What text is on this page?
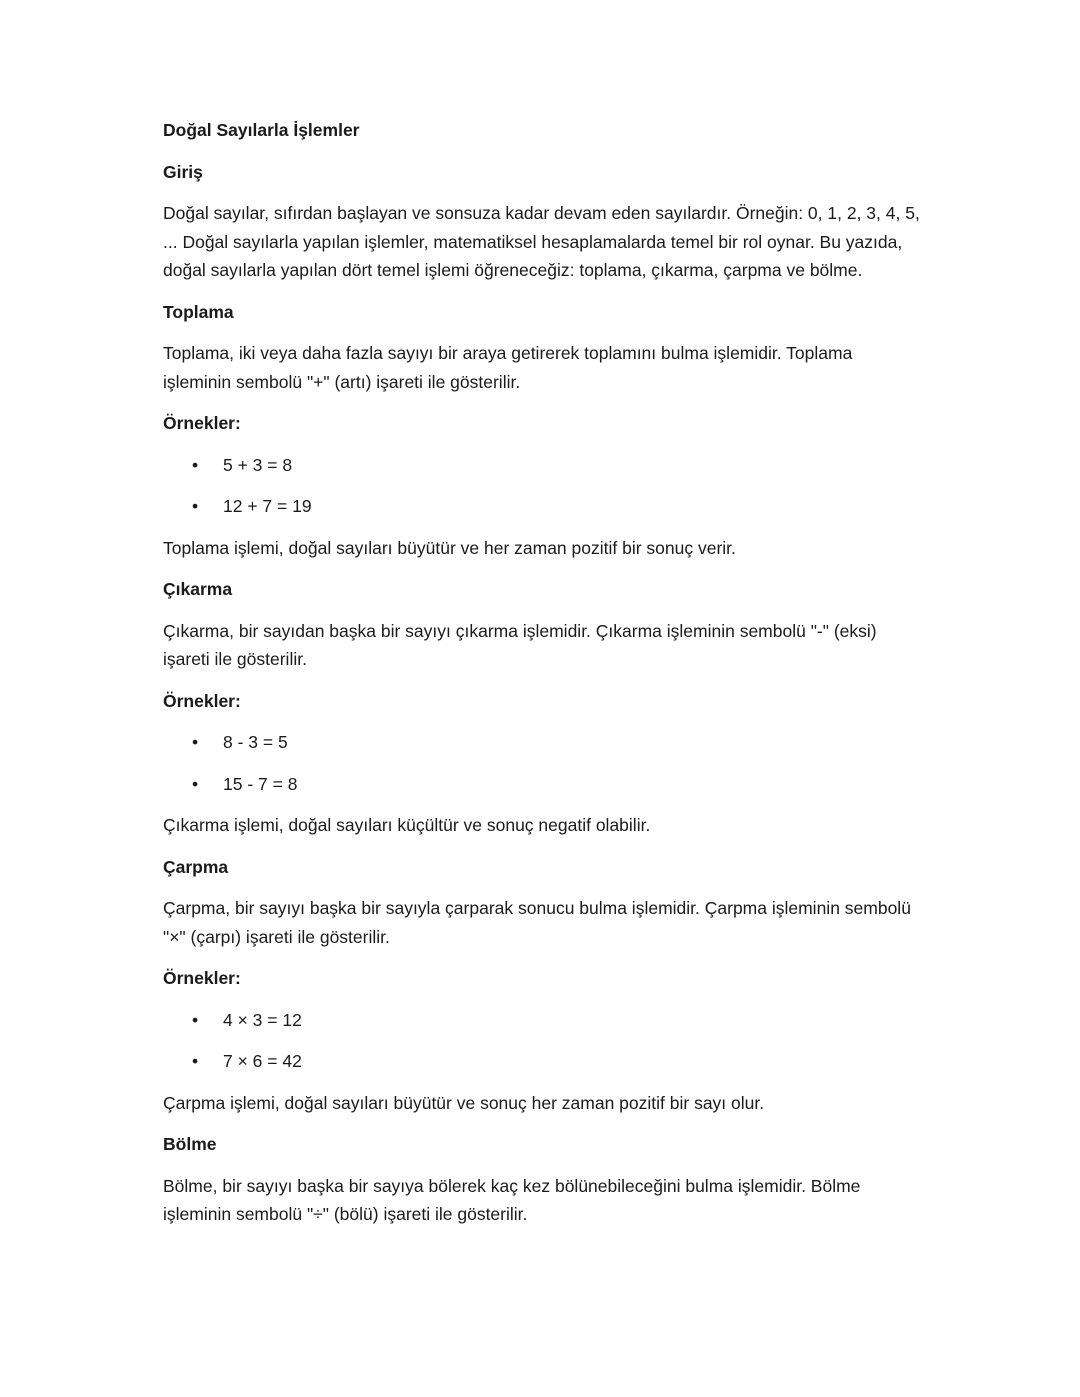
Doğal Sayılarla İşlemler

Giriş

Doğal sayılar, sıfırdan başlayan ve sonsuza kadar devam eden sayılardır. Örneğin: 0, 1, 2, 3, 4, 5, ... Doğal sayılarla yapılan işlemler, matematiksel hesaplamalarda temel bir rol oynar. Bu yazıda, doğal sayılarla yapılan dört temel işlemi öğreneceğiz: toplama, çıkarma, çarpma ve bölme.

Toplama

Toplama, iki veya daha fazla sayıyı bir araya getirerek toplamını bulma işlemidir. Toplama işleminin sembolü "+" (artı) işareti ile gösterilir.

Örnekler:

• 5 + 3 = 8
• 12 + 7 = 19

Toplama işlemi, doğal sayıları büyütür ve her zaman pozitif bir sonuç verir.

Çıkarma

Çıkarma, bir sayıdan başka bir sayıyı çıkarma işlemidir. Çıkarma işleminin sembolü "-" (eksi) işareti ile gösterilir.

Örnekler:

• 8 - 3 = 5
• 15 - 7 = 8

Çıkarma işlemi, doğal sayıları küçültür ve sonuç negatif olabilir.

Çarpma

Çarpma, bir sayıyı başka bir sayıyla çarparak sonucu bulma işlemidir. Çarpma işleminin sembolü "×" (çarpı) işareti ile gösterilir.

Örnekler:

• 4 × 3 = 12
• 7 × 6 = 42

Çarpma işlemi, doğal sayıları büyütür ve sonuç her zaman pozitif bir sayı olur.

Bölme

Bölme, bir sayıyı başka bir sayıya bölerek kaç kez bölünebileceğini bulma işlemidir. Bölme işleminin sembolü "÷" (bölü) işareti ile gösterilir.
